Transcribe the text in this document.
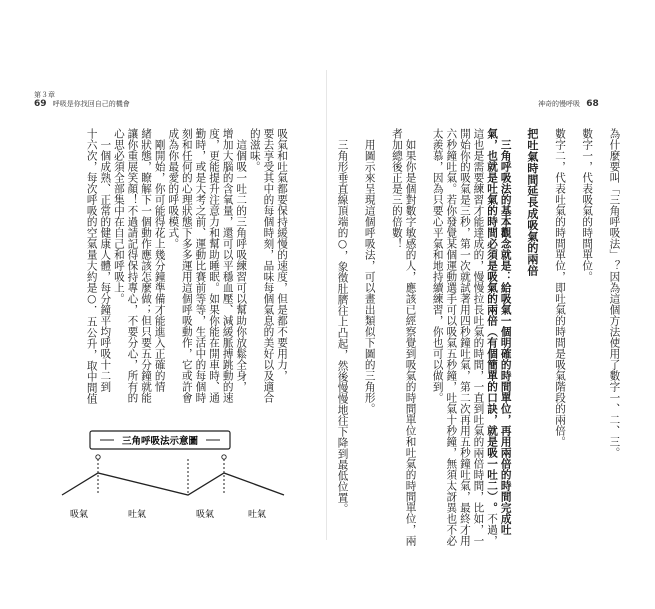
第３章
69 呼吸是你找回自己的機會
吸氣和吐氣都要保持緩慢的速度，但是都不要用力，
要去享受其中的每個時刻，品味每個氣息的美好以及適合
的滋味。
　這個吸一吐二的三角呼吸練習可以幫助你放鬆全身，
增加大腦的含氧量，還可以平穩血壓、減緩脈搏跳動的速
度，更能提升注意力和幫助睡眠。如果你能在開車時、通
勤時，或是大考之前、運動比賽前等等，生活中的每個時
刻和任何的心理狀態下多多運用這個呼吸動作，它或許會
成為你最愛的呼吸模式。
　剛開始，你可能得花上幾分鐘準備才能進入正確的情
緒狀態，瞭解下一個動作應該怎麼做；但只要五分鐘就能
讓你重展笑顏！不過請記得保持專心，不要分心，所有的
心思必須全部集中在自己和呼吸上。
　一個成熟、正常的健康人體，每分鐘平均呼吸十二到
十六次，每次呼吸的空氣量大約是○．五公升，取中間值
三角呼吸法示意圖
吸氣	吐氣	吸氣	吐氣
神奇的慢呼吸 68

為什麼要叫「三角呼吸法」？因為這個方法使用了數字一、二、三。

數字一，代表吸氣的時間單位。

數字二，代表吐氣的時間單位，即吐氣的時間是吸氣階段的兩倍。

把吐氣時間延長成吸氣的兩倍

　三角呼吸法的基本觀念就是：給吸氣一個明確的時間單位，再用兩倍的時間完成吐氣，也就是吐氣的時間必須是吸氣的兩倍（有個簡單的口訣，就是吸一吐二）。不過，這也是需要練習才能達成的，慢慢拉長吐氣的時間，一直到吐氣的兩倍時間，比如，一開始你的吸氣是三秒，第一次就試著用四秒鐘吐氣，第二次再用五秒鐘吐氣，最終才用六秒鐘吐氣。若你發覺某個運動選手可以吸氣五秒鐘，吐氣十秒鐘，無須太訝異也不必太羨慕，因為只要心平氣和地持續練習，你也可以做到。

　如果你是個對數字敏感的人，應該已經察覺到吸氣的時間單位和吐氣的時間單位，兩者加總後正是三的倍數！

　用圖示來呈現這個呼吸法，可以畫出類似下圖的三角形。

　三角形垂直線頂端的○，象徵肚臍往上凸起，然後慢慢地往下降到最低位置。
